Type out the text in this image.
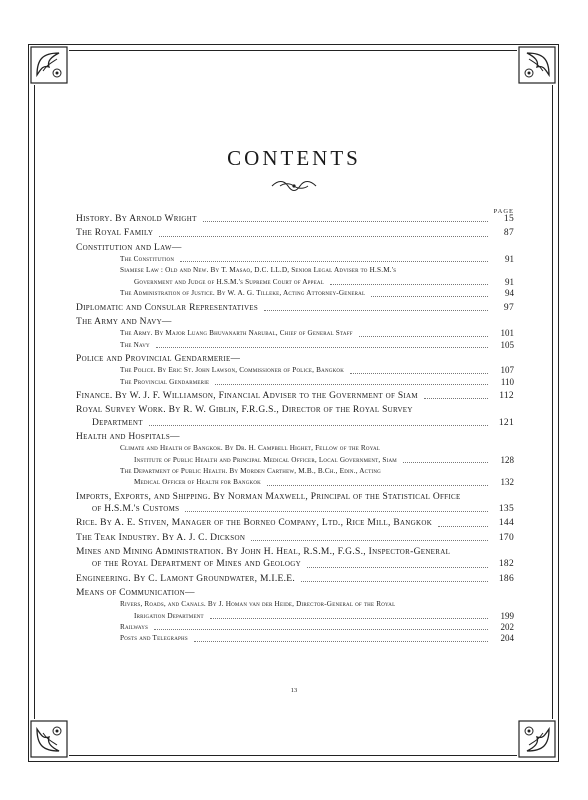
CONTENTS
PAGE
History. By Arnold Wright	15
The Royal Family	87
Constitution and Law—
The Constitution	91
Siamese Law : Old and New. By T. Masao, D.C. LL.D, Senior Legal Adviser to H.S.M.'s
Government and Judge of H.S.M.'s Supreme Court of Appeal	91
The Administration of Justice. By W. A. G. Tilleke, Acting Attorney-General	94
Diplomatic and Consular Representatives	97
The Army and Navy—
The Army. By Major Luang Bhuvanarth Narubal, Chief of General Staff	101
The Navy	105
Police and Provincial Gendarmerie—
The Police. By Eric St. John Lawson, Commissioner of Police, Bangkok	107
The Provincial Gendarmerie	110
Finance. By W. J. F. Williamson, Financial Adviser to the Government of Siam	112
Royal Survey Work. By R. W. Giblin, F.R.G.S., Director of the Royal Survey
Department	121
Health and Hospitals—
Climate and Health of Bangkok. By Dr. H. Campbell Highet, Fellow of the Royal
Institute of Public Health and Principal Medical Officer, Local Government, Siam	128
The Department of Public Health. By Morden Carthew, M.B., B.Ch., Edin., Acting
Medical Officer of Health for Bangkok	132
Imports, Exports, and Shipping. By Norman Maxwell, Principal of the Statistical Office
of H.S.M.'s Customs	135
Rice. By A. E. Stiven, Manager of the Borneo Company, Ltd., Rice Mill, Bangkok	144
The Teak Industry. By A. J. C. Dickson	170
Mines and Mining Administration. By John H. Heal, R.S.M., F.G.S., Inspector-General
of the Royal Department of Mines and Geology	182
Engineering. By C. Lamont Groundwater, M.I.E.E.	186
Means of Communication—
Rivers, Roads, and Canals. By J. Homan van der Heide, Director-General of the Royal
Irrigation Department	199
Railways	202
Posts and Telegraphs	204
13
